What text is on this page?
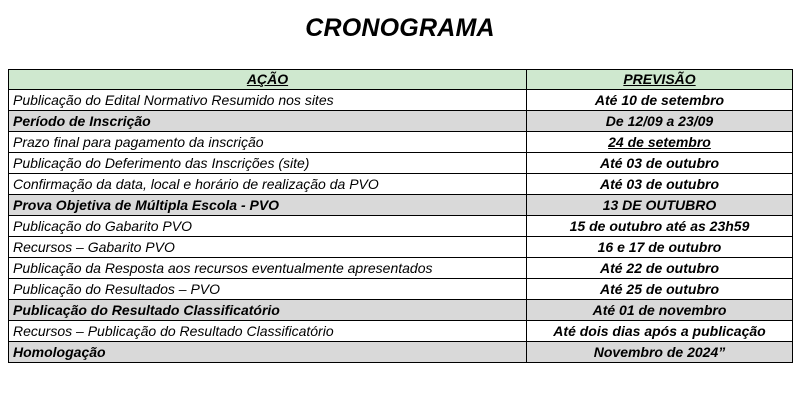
CRONOGRAMA
AÇÃO	PREVISÃO
Publicação do Edital Normativo Resumido nos sites	Até 10 de setembro
Período de Inscrição	De 12/09 a 23/09
Prazo final para pagamento da inscrição	24 de setembro
Publicação do Deferimento das Inscrições (site)	Até 03 de outubro
Confirmação da data, local e horário de realização da PVO	Até 03 de outubro
Prova Objetiva de Múltipla Escola - PVO	13 DE OUTUBRO
Publicação do Gabarito PVO	15 de outubro até as 23h59
Recursos – Gabarito PVO	16 e 17 de outubro
Publicação da Resposta aos recursos eventualmente apresentados	Até 22 de outubro
Publicação do Resultados – PVO	Até 25 de outubro
Publicação do Resultado Classificatório	Até 01 de novembro
Recursos – Publicação do Resultado Classificatório	Até dois dias após a publicação
Homologação	Novembro de 2024”
